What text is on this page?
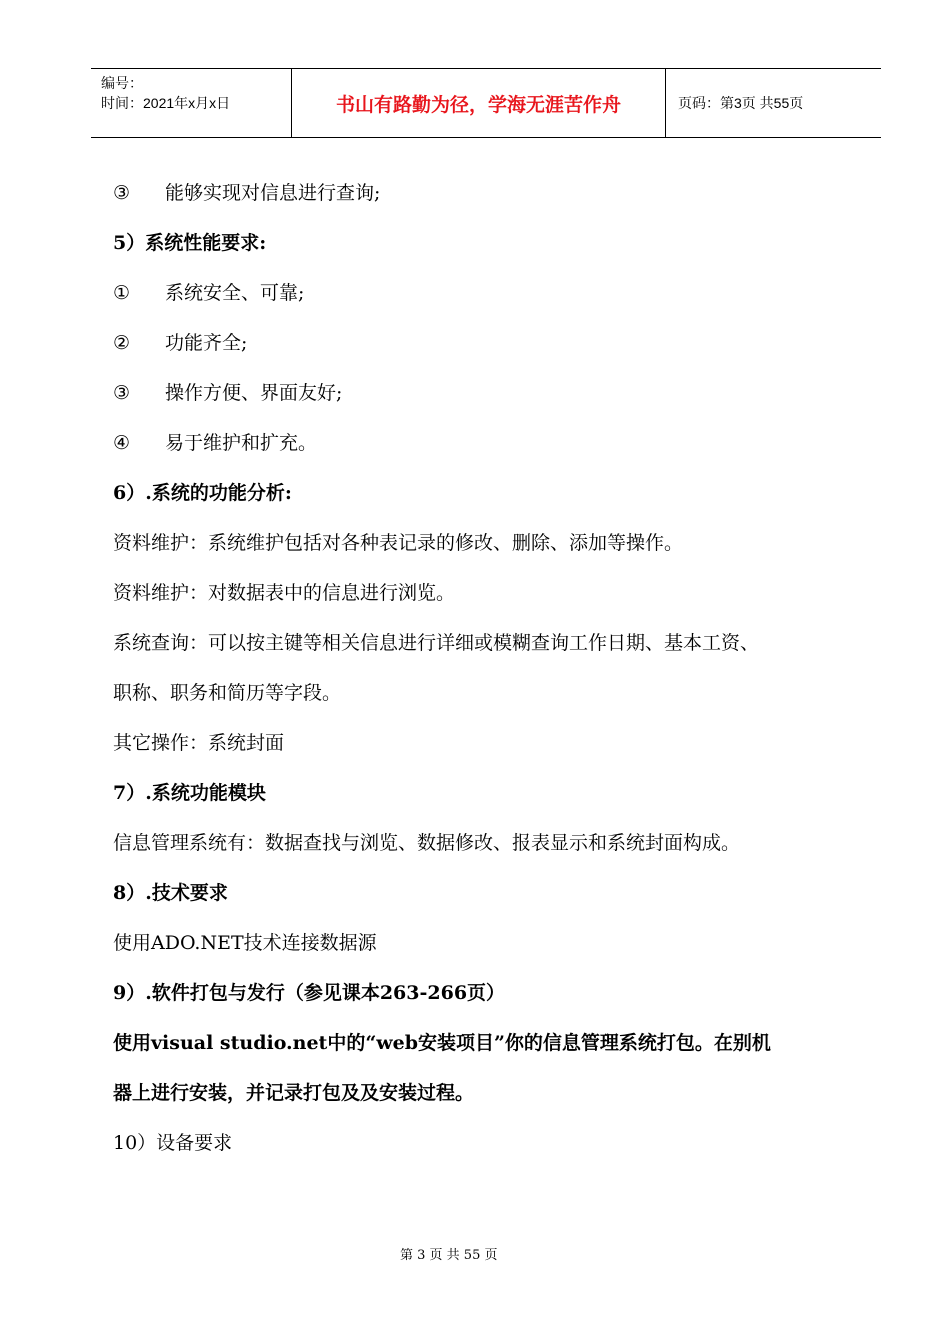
编号：
时间：2021年x月x日	书山有路勤为径，学海无涯苦作舟	页码：第3页 共55页
③ 能够实现对信息进行查询;
5）系统性能要求:
① 系统安全、可靠;
② 功能齐全;
③ 操作方便、界面友好;
④ 易于维护和扩充。
6）.系统的功能分析:
资料维护：系统维护包括对各种表记录的修改、删除、添加等操作。
资料维护：对数据表中的信息进行浏览。
系统查询：可以按主键等相关信息进行详细或模糊查询工作日期、基本工资、
职称、职务和简历等字段。
其它操作：系统封面
7）.系统功能模块
信息管理系统有：数据查找与浏览、数据修改、报表显示和系统封面构成。
8）.技术要求
使用ADO.NET技术连接数据源
9）.软件打包与发行（参见课本263-266页）
使用visual studio.net中的“web安装项目”你的信息管理系统打包。在别机
器上进行安装，并记录打包及及安装过程。
10）设备要求
第 3 页 共 55 页
